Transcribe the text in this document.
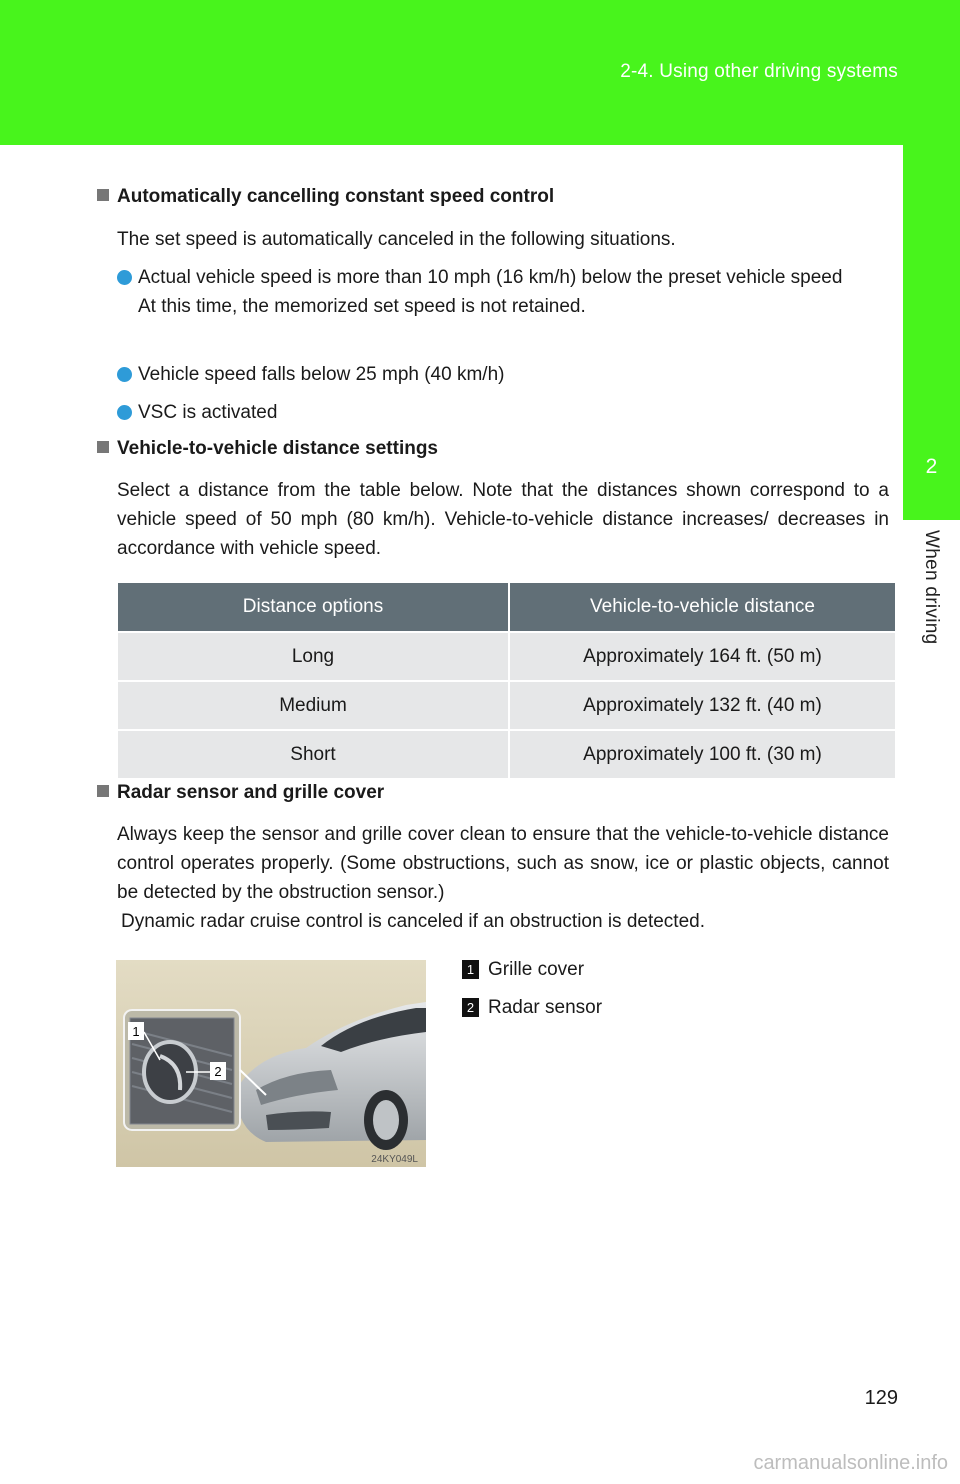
2-4. Using other driving systems
2
When driving
Automatically cancelling constant speed control
The set speed is automatically canceled in the following situations.
Actual vehicle speed is more than 10 mph (16 km/h) below the preset vehicle speed
At this time, the memorized set speed is not retained.
Vehicle speed falls below 25 mph (40 km/h)
VSC is activated
Vehicle-to-vehicle distance settings
Select a distance from the table below. Note that the distances shown correspond to a vehicle speed of 50 mph (80 km/h). Vehicle-to-vehicle distance increases/ decreases in accordance with vehicle speed.
Distance options	Vehicle-to-vehicle distance
Long	Approximately 164 ft. (50 m)
Medium	Approximately 132 ft. (40 m)
Short	Approximately 100 ft. (30 m)
Radar sensor and grille cover
Always keep the sensor and grille cover clean to ensure that the vehicle-to-vehicle distance control operates properly. (Some obstructions, such as snow, ice or plastic objects, cannot be detected by the obstruction sensor.)
Dynamic radar cruise control is canceled if an obstruction is detected.
1
2
24KY049L
1 Grille cover
2 Radar sensor
129
carmanualsonline.info
